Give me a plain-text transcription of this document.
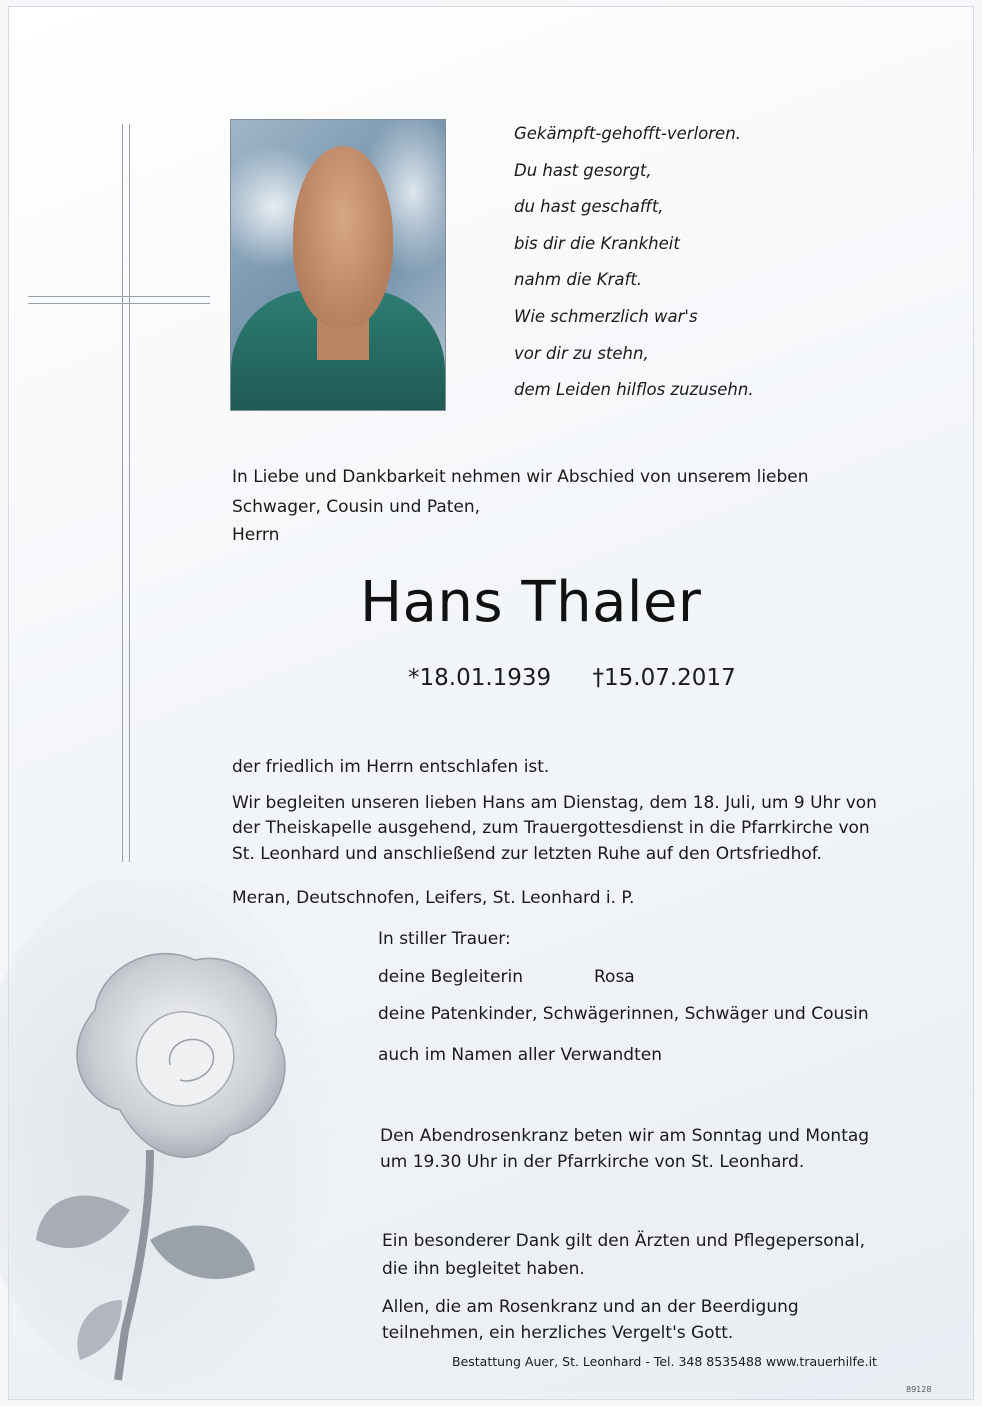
Gekämpft-gehofft-verloren.
Du hast gesorgt,
du hast geschafft,
bis dir die Krankheit
nahm die Kraft.
Wie schmerzlich war's
vor dir zu stehn,
dem Leiden hilflos zuzusehn.
In Liebe und Dankbarkeit nehmen wir Abschied von unserem lieben
Schwager, Cousin und Paten,
Herrn
Hans Thaler
*18.01.1939 †15.07.2017
der friedlich im Herrn entschlafen ist.
Wir begleiten unseren lieben Hans am Dienstag, dem 18. Juli, um 9 Uhr von
der Theiskapelle ausgehend, zum Trauergottesdienst in die Pfarrkirche von
St. Leonhard und anschließend zur letzten Ruhe auf den Ortsfriedhof.
Meran, Deutschnofen, Leifers, St. Leonhard i. P.
In stiller Trauer:
deine Begleiterin	Rosa
deine Patenkinder, Schwägerinnen, Schwäger und Cousin
auch im Namen aller Verwandten
Den Abendrosenkranz beten wir am Sonntag und Montag
um 19.30 Uhr in der Pfarrkirche von St. Leonhard.
Ein besonderer Dank gilt den Ärzten und Pflegepersonal,
die ihn begleitet haben.
Allen, die am Rosenkranz und an der Beerdigung
teilnehmen, ein herzliches Vergelt's Gott.
Bestattung Auer, St. Leonhard - Tel. 348 8535488 www.trauerhilfe.it
89128
